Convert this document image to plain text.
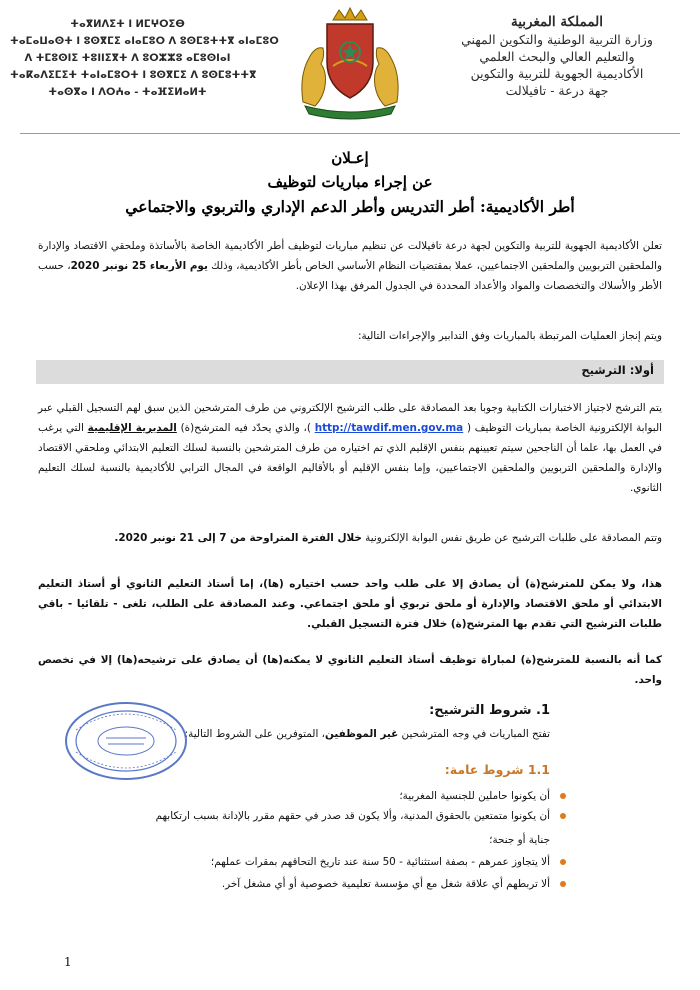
المملكة المغربية
وزارة التربية الوطنية والتكوين المهني
والتعليم العالي والبحث العلمي
الأكاديمية الجهوية للتربية والتكوين
جهة درعة - تافيلالت
ⵜⴰⴳⵍⴷⵉⵜ ⵏ ⵍⵎⵖⵔⵉⴱ
ⵜⴰⵎⴰⵡⴰⵙⵜ ⵏ ⵓⵙⴳⵎⵉ ⴰⵏⴰⵎⵓⵔ ⴷ ⵓⵙⵎⵓⵜⵜⴳ ⴰⵏⴰⵎⵓⵔ
ⴷ ⵜⵎⵓⵙⵏⵉ ⵜⵓⵏⵏⵉⴳⵜ ⴷ ⵓⵔⵣⵣⵓ ⴰⵎⵓⵙⵏⴰⵏ
ⵜⴰⴽⴰⴷⵉⵎⵉⵜ ⵜⴰⵏⴰⵎⵓⵔⵜ ⵏ ⵓⵙⴳⵎⵉ ⴷ ⵓⵙⵎⵓⵜⵜⴳ
ⵜⴰⵙⴳⴰ ⵏ ⴷⵔⵄⴰ - ⵜⴰⴼⵉⵍⴰⵍⵜ
إعـلان
عن إجراء مباريات لتوظيف
أطر الأكاديمية: أطر التدريس وأطر الدعم الإداري والتربوي والاجتماعي
تعلن الأكاديمية الجهوية للتربية والتكوين لجهة درعة تافيلالت عن تنظيم مباريات لتوظيف أطر الأكاديمية الخاصة بالأساتذة وملحقي الاقتصاد والإدارة والملحقين التربويين والملحقين الاجتماعيين، عملا بمقتضيات النظام الأساسي الخاص بأطر الأكاديمية، وذلك يوم الأربعاء 25 نونبر 2020، حسب الأطر والأسلاك والتخصصات والمواد والأعداد المحددة في الجدول المرفق بهذا الإعلان.
ويتم إنجاز العمليات المرتبطة بالمباريات وفق التدابير والإجراءات التالية:
أولا: الترشيح
يتم الترشح لاجتياز الاختبارات الكتابية وجوبا بعد المصادقة على طلب الترشيح الإلكتروني من طرف المترشحين الذين سبق لهم التسجيل القبلي عبر البوابة الإلكترونية الخاصة بمباريات التوظيف ( http://tawdif.men.gov.ma )، والذي يحدّد فيه المترشح(ة) المديرية الإقليمية التي يرغب في العمل بها، علما أن الناجحين سيتم تعيينهم بنفس الإقليم الذي تم اختياره من طرف المترشحين بالنسبة لسلك التعليم الابتدائي وملحقي الاقتصاد والإدارة والملحقين التربويين والملحقين الاجتماعيين، وإما بنفس الإقليم أو بالأقاليم الواقعة في المجال الترابي للأكاديمية بالنسبة لسلك التعليم الثانوي.
وتتم المصادقة على طلبات الترشيح عن طريق نفس البوابة الإلكترونية خلال الفترة المتراوحة من 7 إلى 21 نونبر 2020.
هذا، ولا يمكن للمترشح(ة) أن يصادق إلا على طلب واحد حسب اختياره (ها)، إما أستاذ التعليم الثانوي أو أستاذ التعليم الابتدائي أو ملحق الاقتصاد والإدارة أو ملحق تربوي أو ملحق اجتماعي. وعند المصادقة على الطلب، تلغى - تلقائيا - باقي طلبات الترشيح التي تقدم بها المترشح(ة) خلال فترة التسجيل القبلي.
كما أنه بالنسبة للمترشح(ة) لمباراة توظيف أستاذ التعليم الثانوي لا يمكنه(ها) أن يصادق على ترشيحه(ها) إلا في تخصص واحد.
1. شروط الترشيح:
تفتح المباريات في وجه المترشحين غير الموظفين، المتوفرين على الشروط التالية:
1.1 شروط عامة:
أن يكونوا حاملين للجنسية المغربية؛
أن يكونوا متمتعين بالحقوق المدنية، وألا يكون قد صدر في حقهم مقرر بالإدانة بسبب ارتكابهم
جناية أو جنحة؛
ألا يتجاوز عمرهم - بصفة استثنائية - 50 سنة عند تاريخ التحاقهم بمقرات عملهم؛
ألا تربطهم أي علاقة شغل مع أي مؤسسة تعليمية خصوصية أو أي مشغل آخر.
1
